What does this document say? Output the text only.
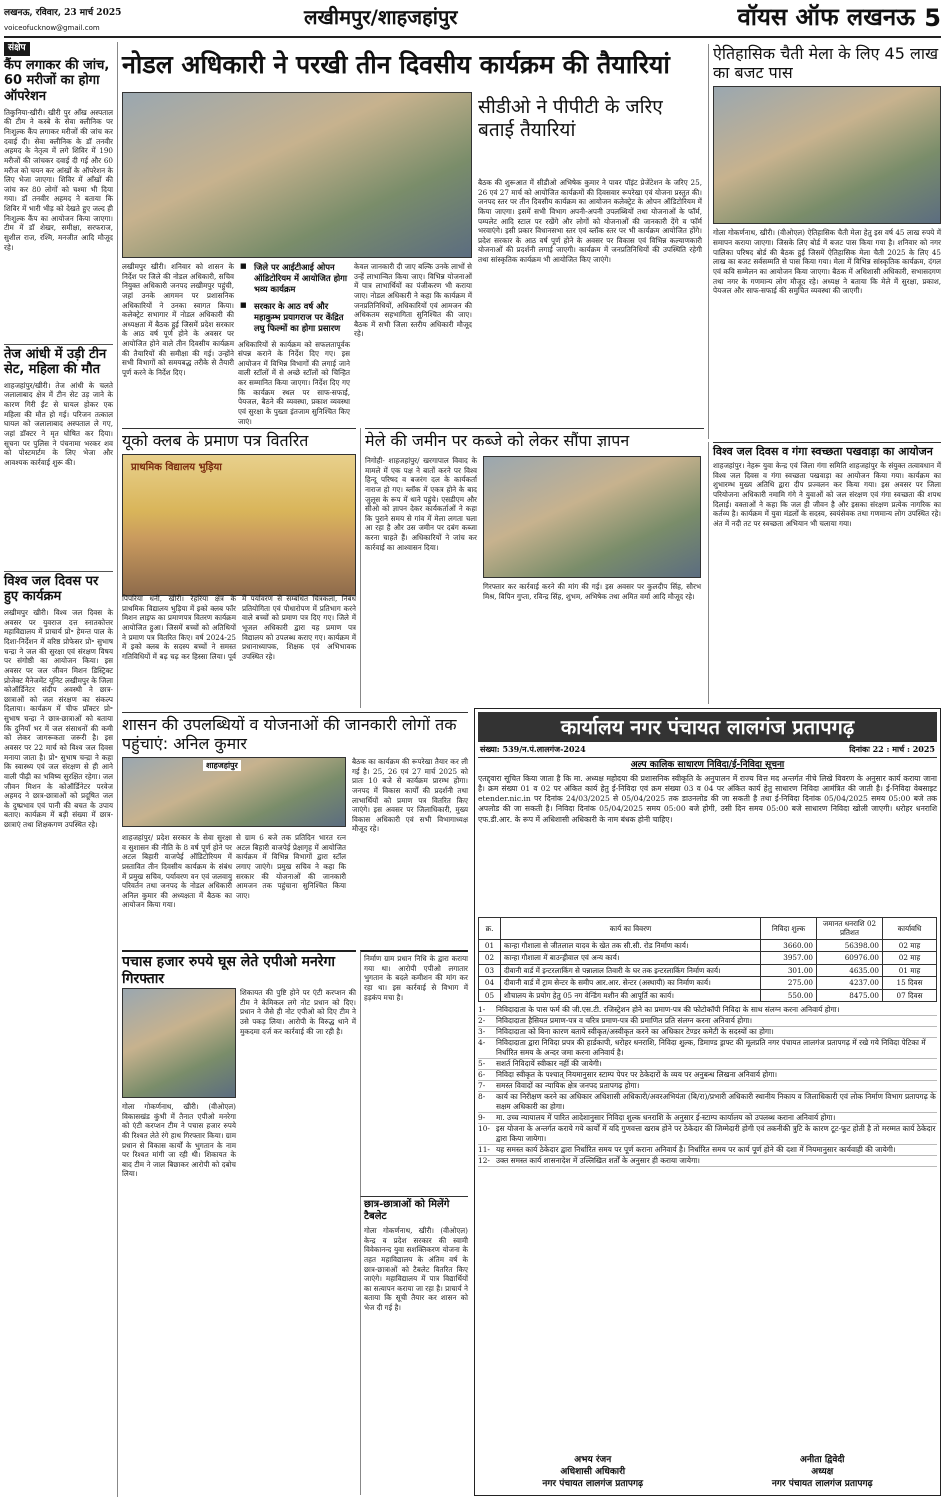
लखनऊ, रविवार, 23 मार्च 2025
voiceofucknow@gmail.com	लखीमपुर/शाहजहांपुर	वॉयस ऑफ लखनऊ 5
संक्षेप
कैंप लगाकर की जांच, 60 मरीजों का होगा ऑपरेशन
तिकुनिया-खीरी। खीरी पुर आँख अस्पताल की टीम ने कस्बे के सेवा क्लीनिक पर निःशुल्क कैंप लगाकर मरीजों की जांच कर दवाई दी। सेवा क्लीनिक के डॉ तनवीर अहमद के नेतृत्व में लगे शिविर में 190 मरीजों की जांचकर दवाई दी गई और 60 मरीज को चयन कर आंखों के ऑपरेशन के लिए भेजा जाएगा। शिविर में आँखों की जांच कर 80 लोगों को चश्मा भी दिया गया। डॉ तनवीर अहमद ने बताया कि शिविर में भारी भीड़ को देखते हुए जल्द ही निःशुल्क कैंप का आयोजन किया जाएगा। टीम में डॉ शेखर, समीक्षा, सरफराज, सुशील राज, रश्मि, मनजीत आदि मौजूद रहे।
तेज आंधी में उड़ी टीन सेट, महिला की मौत
शाहजहांपुर/खीरी। तेज आंधी के चलते जलालाबाद क्षेत्र में टीन सेट उड़ जाने के कारण गिरी ईंट से घायल होकर एक महिला की मौत हो गई। परिजन तत्काल घायल को जलालाबाद अस्पताल ले गए, जहां डॉक्टर ने मृत घोषित कर दिया। सूचना पर पुलिस ने पंचनामा भरकर शव को पोस्टमार्टम के लिए भेजा और आवश्यक कार्रवाई शुरू की।
विश्व जल दिवस पर हुए कार्यक्रम
लखीमपुर खीरी। विश्व जल दिवस के अवसर पर युवराज दत्त स्नातकोत्तर महाविद्यालय में प्राचार्य प्रो॰ हेमन्त पाल के दिशा-निर्देशन में वरिष्ठ प्रोफेसर प्रो॰ सुभाष चन्द्रा ने जल की सुरक्षा एवं संरक्षण विषय पर संगोष्ठी का आयोजन किया। इस अवसर पर जल जीवन मिशन डिस्ट्रिक्ट प्रोजेक्ट मैनेजमेंट यूनिट लखीमपुर के जिला कोऑर्डिनेटर संदीप अवस्थी ने छात्र-छात्राओं को जल संरक्षण का संकल्प दिलाया। कार्यक्रम में चीफ प्रॉक्टर प्रो॰ सुभाष चन्द्रा ने छात्र-छात्राओं को बताया कि दुनियाँ भर में जल संसाधनों की कमी को लेकर जागरूकता जरूरी है। इस अवसर पर 22 मार्च को विश्व जल दिवस मनाया जाता है। प्रो॰ सुभाष चन्द्रा ने कहा कि स्वास्थ्य एवं जल संरक्षण से ही आने वाली पीढ़ी का भविष्य सुरक्षित रहेगा। जल जीवन मिशन के कोऑर्डिनेटर परवेज अहमद ने छात्र-छात्राओं को प्रदूषित जल के दुष्प्रभाव एवं पानी की बचत के उपाय बताए। कार्यक्रम में बड़ी संख्या में छात्र-छात्राएं तथा शिक्षकगण उपस्थित रहे।
नोडल अधिकारी ने परखी तीन दिवसीय कार्यक्रम की तैयारियां
सीडीओ ने पीपीटी के जरिए बताई तैयारियां
बैठक की शुरूआत में सीडीओ अभिषेक कुमार ने पावर पॉइंट प्रेजेंटेशन के जरिए 25, 26 एवं 27 मार्च को आयोजित कार्यक्रमों की दिवसवार रूपरेखा एवं योजना प्रस्तुत की। जनपद स्तर पर तीन दिवसीय कार्यक्रम का आयोजन कलेक्ट्रेट के ओपन ऑडिटोरियम में किया जाएगा। इसमें सभी विभाग अपनी-अपनी उपलब्धियों तथा योजनाओं के फॉर्म, पम्पलेट आदि स्टाल पर रखेंगे और लोगों को योजनाओं की जानकारी देंगे व फॉर्म भरवाएंगे। इसी प्रकार विधानसभा स्तर एवं ब्लॉक स्तर पर भी कार्यक्रम आयोजित होंगे। प्रदेश सरकार के आठ वर्ष पूर्ण होने के अवसर पर विकास एवं विभिन्न कल्याणकारी योजनाओं की प्रदर्शनी लगाई जाएगी। कार्यक्रम में जनप्रतिनिधियों की उपस्थिति रहेगी तथा सांस्कृतिक कार्यक्रम भी आयोजित किए जाएंगे।
लखीमपुर खीरी। शनिवार को शासन के निर्देश पर जिले की नोडल अधिकारी, सचिव नियुक्त अधिकारी जनपद लखीमपुर पहुंची, जहां उनके आगमन पर प्रशासनिक अधिकारियों ने उनका स्वागत किया। कलेक्ट्रेट सभागार में नोडल अधिकारी की अध्यक्षता में बैठक हुई जिसमें प्रदेश सरकार के आठ वर्ष पूर्ण होने के अवसर पर आयोजित होने वाले तीन दिवसीय कार्यक्रम की तैयारियों की समीक्षा की गई। उन्होंने सभी विभागों को समयबद्ध तरीके से तैयारी पूर्ण करने के निर्देश दिए।
■ जिले पर आईटीआई ओपन ऑडिटोरियम में आयोजित होगा भव्य कार्यक्रम
■ सरकार के आठ वर्ष और महाकुम्भ प्रयागराज पर केंद्रित लघु फिल्मों का होगा प्रसारण
अधिकारियों से कार्यक्रम को सफलतापूर्वक संपन्न कराने के निर्देश दिए गए। इस आयोजन में विभिन्न विभागों की लगाई जाने वाली स्टॉलों में से अच्छे स्टॉलों को चिन्हित कर सम्मानित किया जाएगा। निर्देश दिए गए कि कार्यक्रम स्थल पर साफ-सफाई, पेयजल, बैठने की व्यवस्था, प्रकाश व्यवस्था एवं सुरक्षा के पुख्ता इंतजाम सुनिश्चित किए जाएं।
केवल जानकारी दी जाए बल्कि उनके लाभों से उन्हें लाभान्वित किया जाए। विभिन्न योजनाओं में पात्र लाभार्थियों का पंजीकरण भी कराया जाए। नोडल अधिकारी ने कहा कि कार्यक्रम में जनप्रतिनिधियों, अधिकारियों एवं आमजन की अधिकतम सहभागिता सुनिश्चित की जाए। बैठक में सभी जिला स्तरीय अधिकारी मौजूद रहे।
ऐतिहासिक चैती मेला के लिए 45 लाख का बजट पास
गोला गोकर्णनाथ, खीरी। (वीओएल) ऐतिहासिक चैती मेला हेतु इस वर्ष 45 लाख रुपये में समापन कराया जाएगा। जिसके लिए बोर्ड में बजट पास किया गया है। शनिवार को नगर पालिका परिषद बोर्ड की बैठक हुई जिसमें ऐतिहासिक मेला चैती 2025 के लिए 45 लाख का बजट सर्वसम्मति से पास किया गया। मेला में विभिन्न सांस्कृतिक कार्यक्रम, दंगल एवं कवि सम्मेलन का आयोजन किया जाएगा। बैठक में अधिशासी अधिकारी, सभासदगण तथा नगर के गणमान्य लोग मौजूद रहे। अध्यक्ष ने बताया कि मेले में सुरक्षा, प्रकाश, पेयजल और साफ-सफाई की समुचित व्यवस्था की जाएगी।
विश्व जल दिवस व गंगा स्वच्छता पखवाड़ा का आयोजन
शाहजहांपुर। नेहरू युवा केन्द्र एवं जिला गंगा समिति शाहजहांपुर के संयुक्त तत्वावधान में विश्व जल दिवस व गंगा स्वच्छता पखवाड़ा का आयोजन किया गया। कार्यक्रम का शुभारम्भ मुख्य अतिथि द्वारा दीप प्रज्वलन कर किया गया। इस अवसर पर जिला परियोजना अधिकारी नमामि गंगे ने युवाओं को जल संरक्षण एवं गंगा स्वच्छता की शपथ दिलाई। वक्ताओं ने कहा कि जल ही जीवन है और इसका संरक्षण प्रत्येक नागरिक का कर्तव्य है। कार्यक्रम में युवा मंडलों के सदस्य, स्वयंसेवक तथा गणमान्य लोग उपस्थित रहे। अंत में नदी तट पर स्वच्छता अभियान भी चलाया गया।
यूको क्लब के प्रमाण पत्र वितरित
प्राथमिक विद्यालय भुड़िया
पिपरिया धनी, खीरी। रेहरिया क्षेत्र के प्राथमिक विद्यालय भुड़िया में इको क्लब फॉर मिशन लाइफ का प्रमाणपत्र वितरण कार्यक्रम आयोजित हुआ। जिसमें बच्चों को अतिथियों ने प्रमाण पत्र वितरित किए। वर्ष 2024-25 में इको क्लब के सदस्य बच्चों ने समस्त गतिविधियों में बढ़ चढ़ कर हिस्सा लिया। पूर्व में पर्यावरण से सम्बंधित चित्रकला, निबंध प्रतियोगिता एवं पौधारोपण में प्रतिभाग करने वाले बच्चों को प्रमाण पत्र दिए गए। जिले में भूजल अधिकारी द्वारा यह प्रमाण पत्र विद्यालय को उपलब्ध कराए गए। कार्यक्रम में प्रधानाध्यापक, शिक्षक एवं अभिभावक उपस्थित रहे।
मेले की जमीन पर कब्जे को लेकर सौंपा ज्ञापन
निगोही- शाहजहांपुर/ खरगापाल विवाद के मामले में एक पक्ष ने बातों करने पर विश्व हिन्दू परिषद व बजरंग दल के कार्यकर्ता नाराज हो गए। ब्लॉक में एकत्र होने के बाद जुलूस के रूप में थाने पहुंचे। एसडीएम और सीओ को ज्ञापन देकर कार्यकर्ताओं ने कहा कि पुराने समय से गांव में मेला लगता चला आ रहा है और उस जमीन पर दबंग कब्जा करना चाहते हैं। अधिकारियों ने जांच कर कार्रवाई का आश्वासन दिया।
गिरफ्तार कर कार्रवाई करने की मांग की गई। इस अवसर पर कुलदीप सिंह, सौरभ मिश्र, विपिन गुप्ता, रविन्द्र सिंह, शुभम, अभिषेक तथा अमित वर्मा आदि मौजूद रहे।
शासन की उपलब्धियों व योजनाओं की जानकारी लोगों तक पहुंचाएं: अनिल कुमार
शाहजहांपुर	बैठक का कार्यक्रम की रूपरेखा तैयार कर ली गई है। 25, 26 एवं 27 मार्च 2025 को प्रातः 10 बजे से कार्यक्रम प्रारम्भ होगा। जनपद में विकास कार्यों की प्रदर्शनी तथा लाभार्थियों को प्रमाण पत्र वितरित किए जाएंगे। इस अवसर पर जिलाधिकारी, मुख्य विकास अधिकारी एवं सभी विभागाध्यक्ष मौजूद रहे।
शाहजहांपुर/ प्रदेश सरकार के सेवा सुरक्षा व सुशासन की नीति के 8 वर्ष पूर्ण होने पर अटल बिहारी वाजपेई ऑडिटोरियम में प्रस्तावित तीन दिवसीय कार्यक्रम के संबंध में प्रमुख सचिव, पर्यावरण वन एवं जलवायु परिवर्तन तथा जनपद के नोडल अधिकारी अनिल कुमार की अध्यक्षता में बैठक का आयोजन किया गया।
से ग्राम 6 बजे तक प्रतिदिन भारत रत्न अटल बिहारी वाजपेई प्रेक्षागृह में आयोजित कार्यक्रम में विभिन्न विभागों द्वारा स्टॉल लगाए जाएंगे। प्रमुख सचिव ने कहा कि सरकार की योजनाओं की जानकारी आमजन तक पहुंचाना सुनिश्चित किया जाए।
पचास हजार रुपये घूस लेते एपीओ मनरेगा गिरफ्तार
गोला गोकर्णनाथ, खीरी। (वीओएल) विकासखंड कुंभी में तैनात एपीओ मनरेगा को एंटी करप्शन टीम ने पचास हजार रुपये की रिश्वत लेते रंगे हाथ गिरफ्तार किया। ग्राम प्रधान से विकास कार्यों के भुगतान के नाम पर रिश्वत मांगी जा रही थी। शिकायत के बाद टीम ने जाल बिछाकर आरोपी को दबोच लिया।
शिकायत की पुष्टि होने पर एंटी करप्शन की टीम ने केमिकल लगे नोट प्रधान को दिए। प्रधान ने जैसे ही नोट एपीओ को दिए टीम ने उसे पकड़ लिया। आरोपी के विरुद्ध थाने में मुकदमा दर्ज कर कार्रवाई की जा रही है।
निर्माण ग्राम प्रधान निधि के द्वारा कराया गया था। आरोपी एपीओ लगातार भुगतान के बदले कमीशन की मांग कर रहा था। इस कार्रवाई से विभाग में हड़कंप मचा है।
कार्यालय नगर पंचायत लालगंज प्रतापगढ़
संख्या: 539/न.पं.लालगंज-2024	दिनांकः 22 : मार्च : 2025
अल्प कालिक साधारण निविदा/ई-निविदा सूचना
एतद्द्वारा सूचित किया जाता है कि मा. अध्यक्ष महोदया की प्रशासनिक स्वीकृति के अनुपालन में राज्य वित्त मद अन्तर्गत नीचे लिखे विवरण के अनुसार कार्य कराया जाना है। क्रम संख्या 01 व 02 पर अंकित कार्य हेतु ई-निविदा एवं क्रम संख्या 03 व 04 पर अंकित कार्य हेतु साधारण निविदा आमंत्रित की जाती है। ई-निविदा वेबसाइट etender.nic.in पर दिनांक 24/03/2025 से 05/04/2025 तक डाउनलोड की जा सकती है तथा ई-निविदा दिनांक 05/04/2025 समय 05:00 बजे तक अपलोड की जा सकती है। निविदा दिनांक 05/04/2025 समय 05:00 बजे होगी, उसी दिन समय 05:00 बजे साधारण निविदा खोली जाएगी। धरोहर धनराशि एफ.डी.आर. के रूप में अधिशासी अधिकारी के नाम बंधक होनी चाहिए।
क्र.	कार्य का विवरण	निविदा शुल्क	जमानत धनराशि 02 प्रतिशत	कार्यावधि
01	कान्हा गौशाला से जीतलाल यादव के खेत तक सी.सी. रोड निर्माण कार्य।	3660.00	56398.00	02 माह
02	कान्हा गौशाला में बाउन्ड्रीवाल एवं अन्य कार्य।	3957.00	60976.00	02 माह
03	दीवानी वार्ड में इन्टरलाकिंग से पन्नालाल तिवारी के घर तक इन्टरलाकिंग निर्माण कार्य।	301.00	4635.00	01 माह
04	दीवानी वार्ड में ट्राम सेन्टर के समीप आर.आर. सेन्टर (अस्थायी) का निर्माण कार्य।	275.00	4237.00	15 दिवस
05	शौचालय के प्रयोग हेतु 05 नग वेन्डिंग मशीन की आपूर्ति का कार्य।	550.00	8475.00	07 दिवस
1-	निविदादाता के पास फर्म की जी.एस.टी. रजिस्ट्रेशन होने का प्रमाण-पत्र की फोटोकॉपी निविदा के साथ संलग्न करना अनिवार्य होगा।
2-	निविदादाता हैसियत प्रमाण-पत्र व चरित्र प्रमाण-पत्र की प्रमाणित प्रति संलग्न करना अनिवार्य होगा।
3-	निविदादाता को बिना कारण बताये स्वीकृत/अस्वीकृत करने का अधिकार टेण्डर कमेटी के सदस्यों का होगा।
4-	निविदादाता द्वारा निविदा प्रपत्र की हार्डकापी, धरोहर धनराशि, निविदा शुल्क, डिमाण्ड ड्राफ्ट की मूलप्रति नगर पंचायत लालगंज प्रतापगढ़ में रखे गये निविदा पेटिका में निर्धारित समय के अन्दर जमा करना अनिवार्य है।
5-	सशर्त निविदायें स्वीकार नहीं की जायेगी।
6-	निविदा स्वीकृत के पश्चात् नियमानुसार स्टाम्प पेपर पर ठेकेदारों के व्यय पर अनुबन्ध लिखना अनिवार्य होगा।
7-	समस्त विवादों का न्यायिक क्षेत्र जनपद प्रतापगढ़ होगा।
8-	कार्य का निरीक्षण करने का अधिकार अधिशासी अधिकारी/अवरअभियंता (बि/रा)/प्रभारी अधिकारी स्थानीय निकाय व जिलाधिकारी एवं लोक निर्माण विभाग प्रतापगढ़ के सक्षम अधिकारी का होगा।
9-	मा. उच्च न्यायालय में पारित आदेशानुसार निविदा शुल्क धनराशि के अनुसार ई-स्टाम्प कार्यालय को उपलब्ध कराना अनिवार्य होगा।
10- इस योजना के अन्तर्गत कराये गये कार्यों में यदि गुणवत्ता खराब होने पर ठेकेदार की जिम्मेदारी होगी एवं तकनीकी त्रुटि के कारण टूट-फूट होती है तो मरम्मत कार्य ठेकेदार द्वारा किया जायेगा।
11- यह समस्त कार्य ठेकेदार द्वारा निर्धारित समय पर पूर्ण कराना अनिवार्य है। निर्धारित समय पर कार्य पूर्ण होने की दशा में नियमानुसार कार्यवाही की जायेगी।
12- उक्त समस्त कार्य शासनादेश में उल्लिखित शर्तों के अनुसार ही कराया जायेगा।
अभय रंजन
अधिशासी अधिकारी
नगर पंचायत लालगंज प्रतापगढ़
अनीता द्विवेदी
अध्यक्ष
नगर पंचायत लालगंज प्रतापगढ़
छात्र-छात्राओं को मिलेंगे टैबलेट
गोला गोकर्णनाथ, खीरी। (वीओएल) केन्द्र व प्रदेश सरकार की स्वामी विवेकानन्द युवा सशक्तिकरण योजना के तहत महाविद्यालय के अंतिम वर्ष के छात्र-छात्राओं को टैबलेट वितरित किए जाएंगे। महाविद्यालय में पात्र विद्यार्थियों का सत्यापन कराया जा रहा है। प्राचार्य ने बताया कि सूची तैयार कर शासन को भेज दी गई है।
